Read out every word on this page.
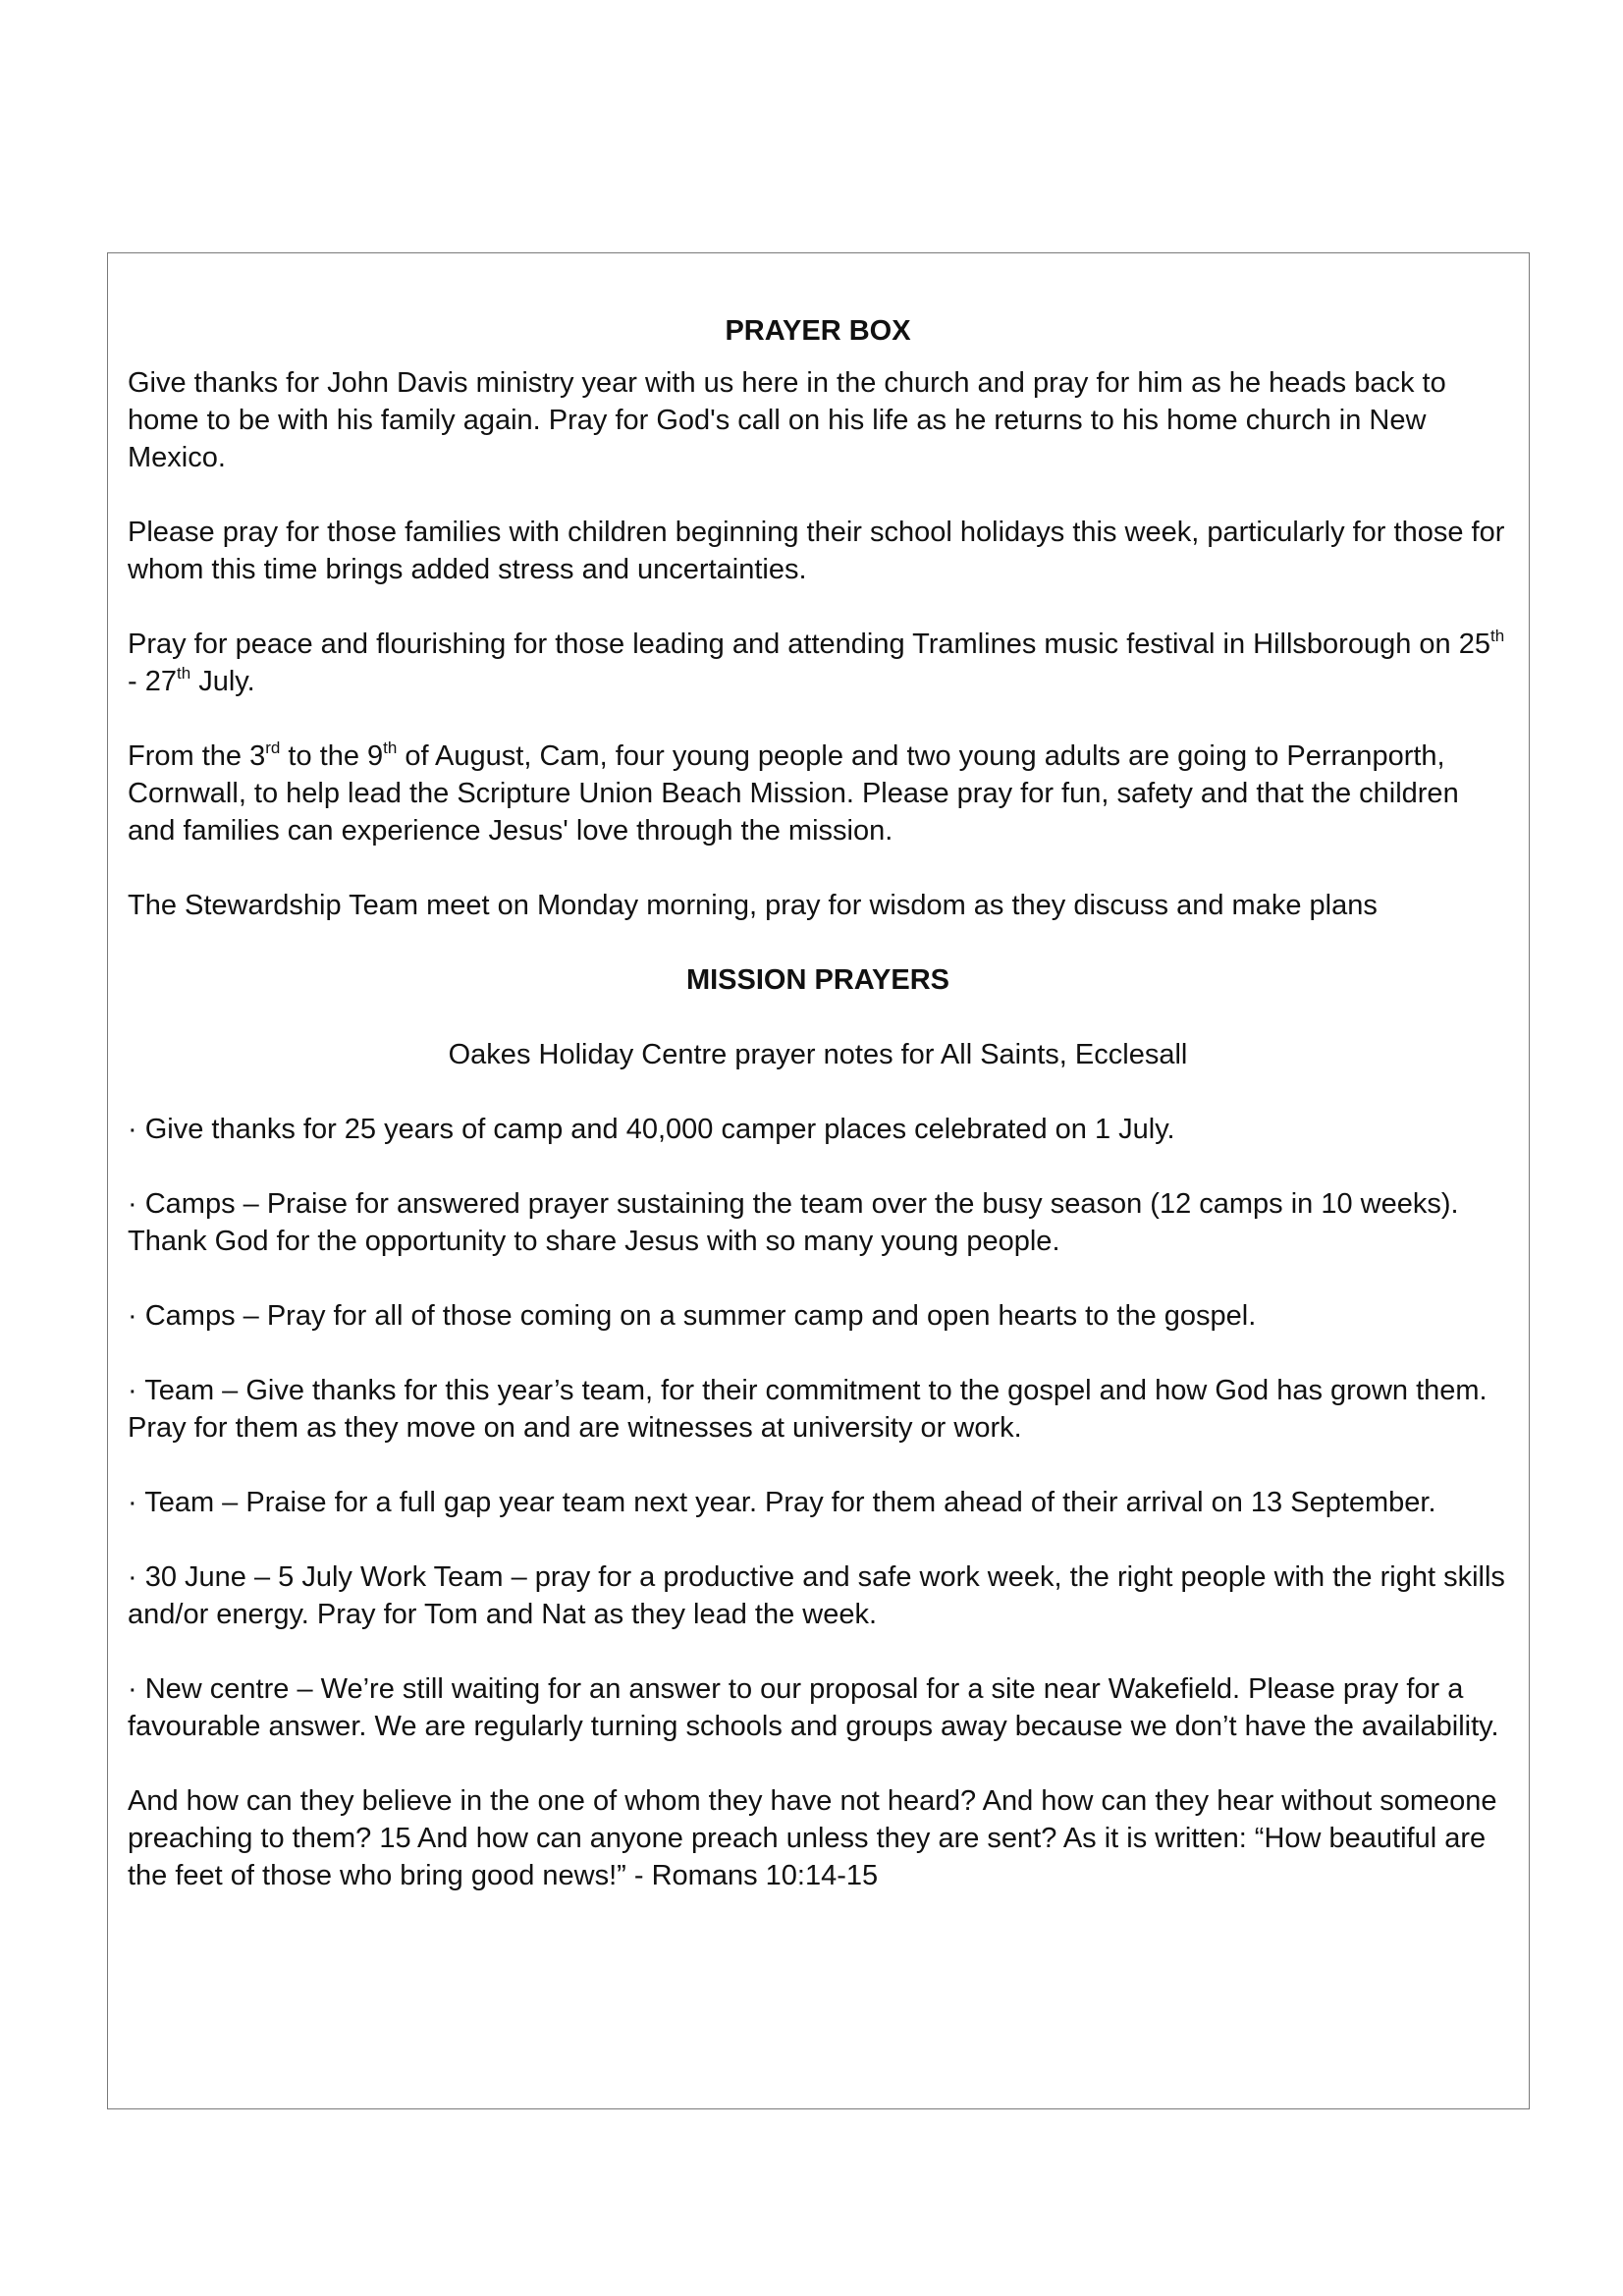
PRAYER BOX

Give thanks for John Davis ministry year with us here in the church and pray for him as he heads back to home to be with his family again. Pray for God's call on his life as he returns to his home church in New Mexico.

Please pray for those families with children beginning their school holidays this week, particularly for those for whom this time brings added stress and uncertainties.

Pray for peace and flourishing for those leading and attending Tramlines music festival in Hillsborough on 25th - 27th July.

From the 3rd to the 9th of August, Cam, four young people and two young adults are going to Perranporth, Cornwall, to help lead the Scripture Union Beach Mission. Please pray for fun, safety and that the children and families can experience Jesus' love through the mission.

The Stewardship Team meet on Monday morning, pray for wisdom as they discuss and make plans

MISSION PRAYERS

Oakes Holiday Centre prayer notes for All Saints, Ecclesall

· Give thanks for 25 years of camp and 40,000 camper places celebrated on 1 July.

· Camps – Praise for answered prayer sustaining the team over the busy season (12 camps in 10 weeks). Thank God for the opportunity to share Jesus with so many young people.

· Camps – Pray for all of those coming on a summer camp and open hearts to the gospel.

· Team – Give thanks for this year’s team, for their commitment to the gospel and how God has grown them. Pray for them as they move on and are witnesses at university or work.

· Team – Praise for a full gap year team next year. Pray for them ahead of their arrival on 13 September.

· 30 June – 5 July Work Team – pray for a productive and safe work week, the right people with the right skills and/or energy. Pray for Tom and Nat as they lead the week.

· New centre – We’re still waiting for an answer to our proposal for a site near Wakefield. Please pray for a favourable answer. We are regularly turning schools and groups away because we don’t have the availability.

And how can they believe in the one of whom they have not heard? And how can they hear without someone preaching to them? 15 And how can anyone preach unless they are sent? As it is written: “How beautiful are the feet of those who bring good news!” - Romans 10:14-15
